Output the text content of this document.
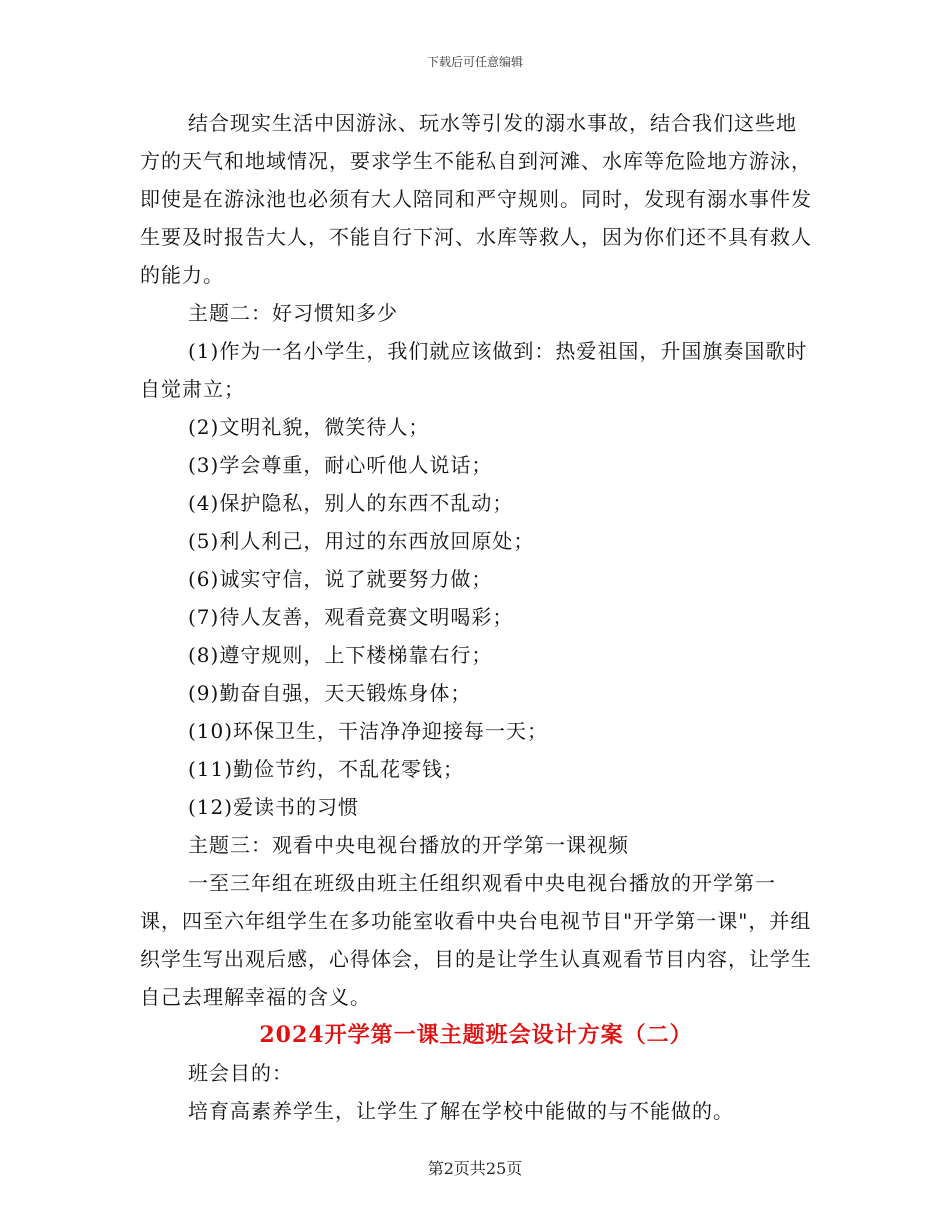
下载后可任意编辑

结合现实生活中因游泳、玩水等引发的溺水事故，结合我们这些地方的天气和地域情况，要求学生不能私自到河滩、水库等危险地方游泳，即使是在游泳池也必须有大人陪同和严守规则。同时，发现有溺水事件发生要及时报告大人，不能自行下河、水库等救人，因为你们还不具有救人的能力。

主题二：好习惯知多少

(1)作为一名小学生，我们就应该做到：热爱祖国，升国旗奏国歌时自觉肃立；

(2)文明礼貌，微笑待人；

(3)学会尊重，耐心听他人说话；

(4)保护隐私，别人的东西不乱动；

(5)利人利己，用过的东西放回原处；

(6)诚实守信，说了就要努力做；

(7)待人友善，观看竞赛文明喝彩；

(8)遵守规则，上下楼梯靠右行；

(9)勤奋自强，天天锻炼身体；

(10)环保卫生，干洁净净迎接每一天；

(11)勤俭节约，不乱花零钱；

(12)爱读书的习惯

主题三：观看中央电视台播放的开学第一课视频

一至三年组在班级由班主任组织观看中央电视台播放的开学第一课，四至六年组学生在多功能室收看中央台电视节目"开学第一课"，并组织学生写出观后感，心得体会，目的是让学生认真观看节目内容，让学生自己去理解幸福的含义。

2024开学第一课主题班会设计方案（二）

班会目的：

培育高素养学生，让学生了解在学校中能做的与不能做的。

第2页共25页
